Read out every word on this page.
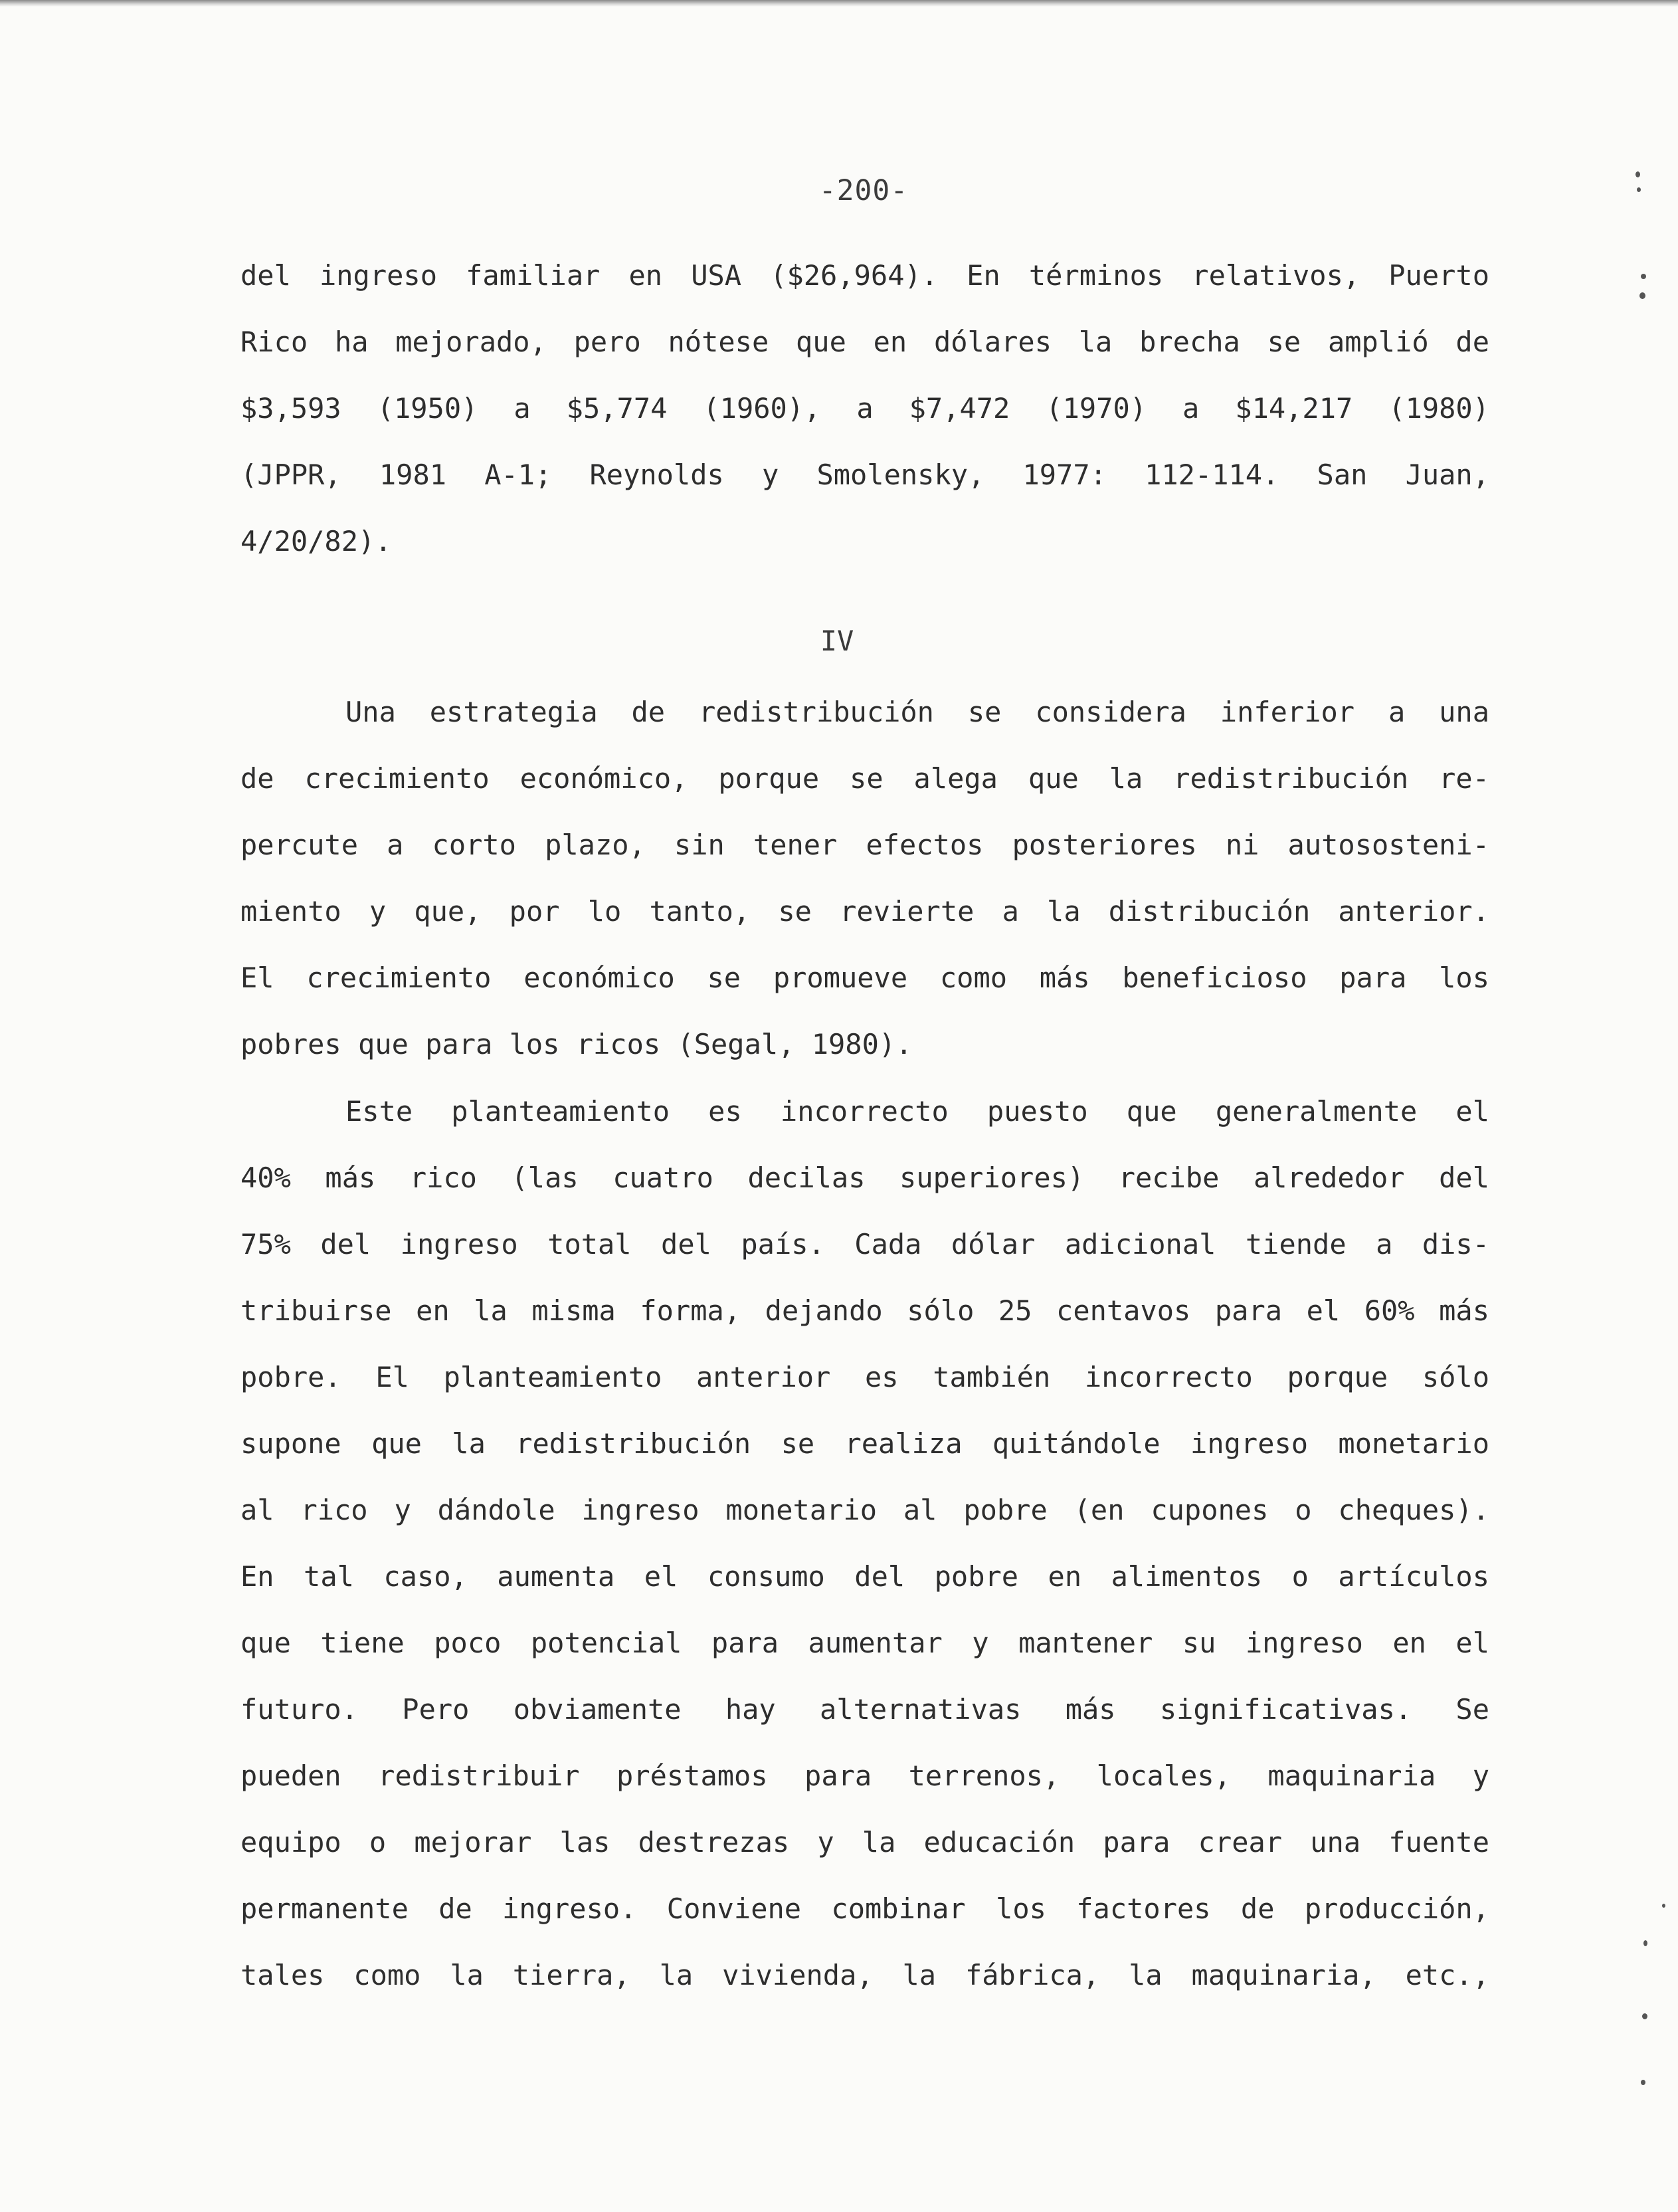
-200-
del ingreso familiar en USA ($26,964). En términos relativos, Puerto
Rico ha mejorado, pero nótese que en dólares la brecha se amplió de
$3,593 (1950) a $5,774 (1960), a $7,472 (1970) a $14,217 (1980)
(JPPR, 1981 A-1; Reynolds y Smolensky, 1977: 112-114. San Juan,
4/20/82).
IV
Una estrategia de redistribución se considera inferior a una
de crecimiento económico, porque se alega que la redistribución re-
percute a corto plazo, sin tener efectos posteriores ni autososteni-
miento y que, por lo tanto, se revierte a la distribución anterior.
El crecimiento económico se promueve como más beneficioso para los
pobres que para los ricos (Segal, 1980).
Este planteamiento es incorrecto puesto que generalmente el
40% más rico (las cuatro decilas superiores) recibe alrededor del
75% del ingreso total del país. Cada dólar adicional tiende a dis-
tribuirse en la misma forma, dejando sólo 25 centavos para el 60% más
pobre. El planteamiento anterior es también incorrecto porque sólo
supone que la redistribución se realiza quitándole ingreso monetario
al rico y dándole ingreso monetario al pobre (en cupones o cheques).
En tal caso, aumenta el consumo del pobre en alimentos o artículos
que tiene poco potencial para aumentar y mantener su ingreso en el
futuro. Pero obviamente hay alternativas más significativas. Se
pueden redistribuir préstamos para terrenos, locales, maquinaria y
equipo o mejorar las destrezas y la educación para crear una fuente
permanente de ingreso. Conviene combinar los factores de producción,
tales como la tierra, la vivienda, la fábrica, la maquinaria, etc.,
